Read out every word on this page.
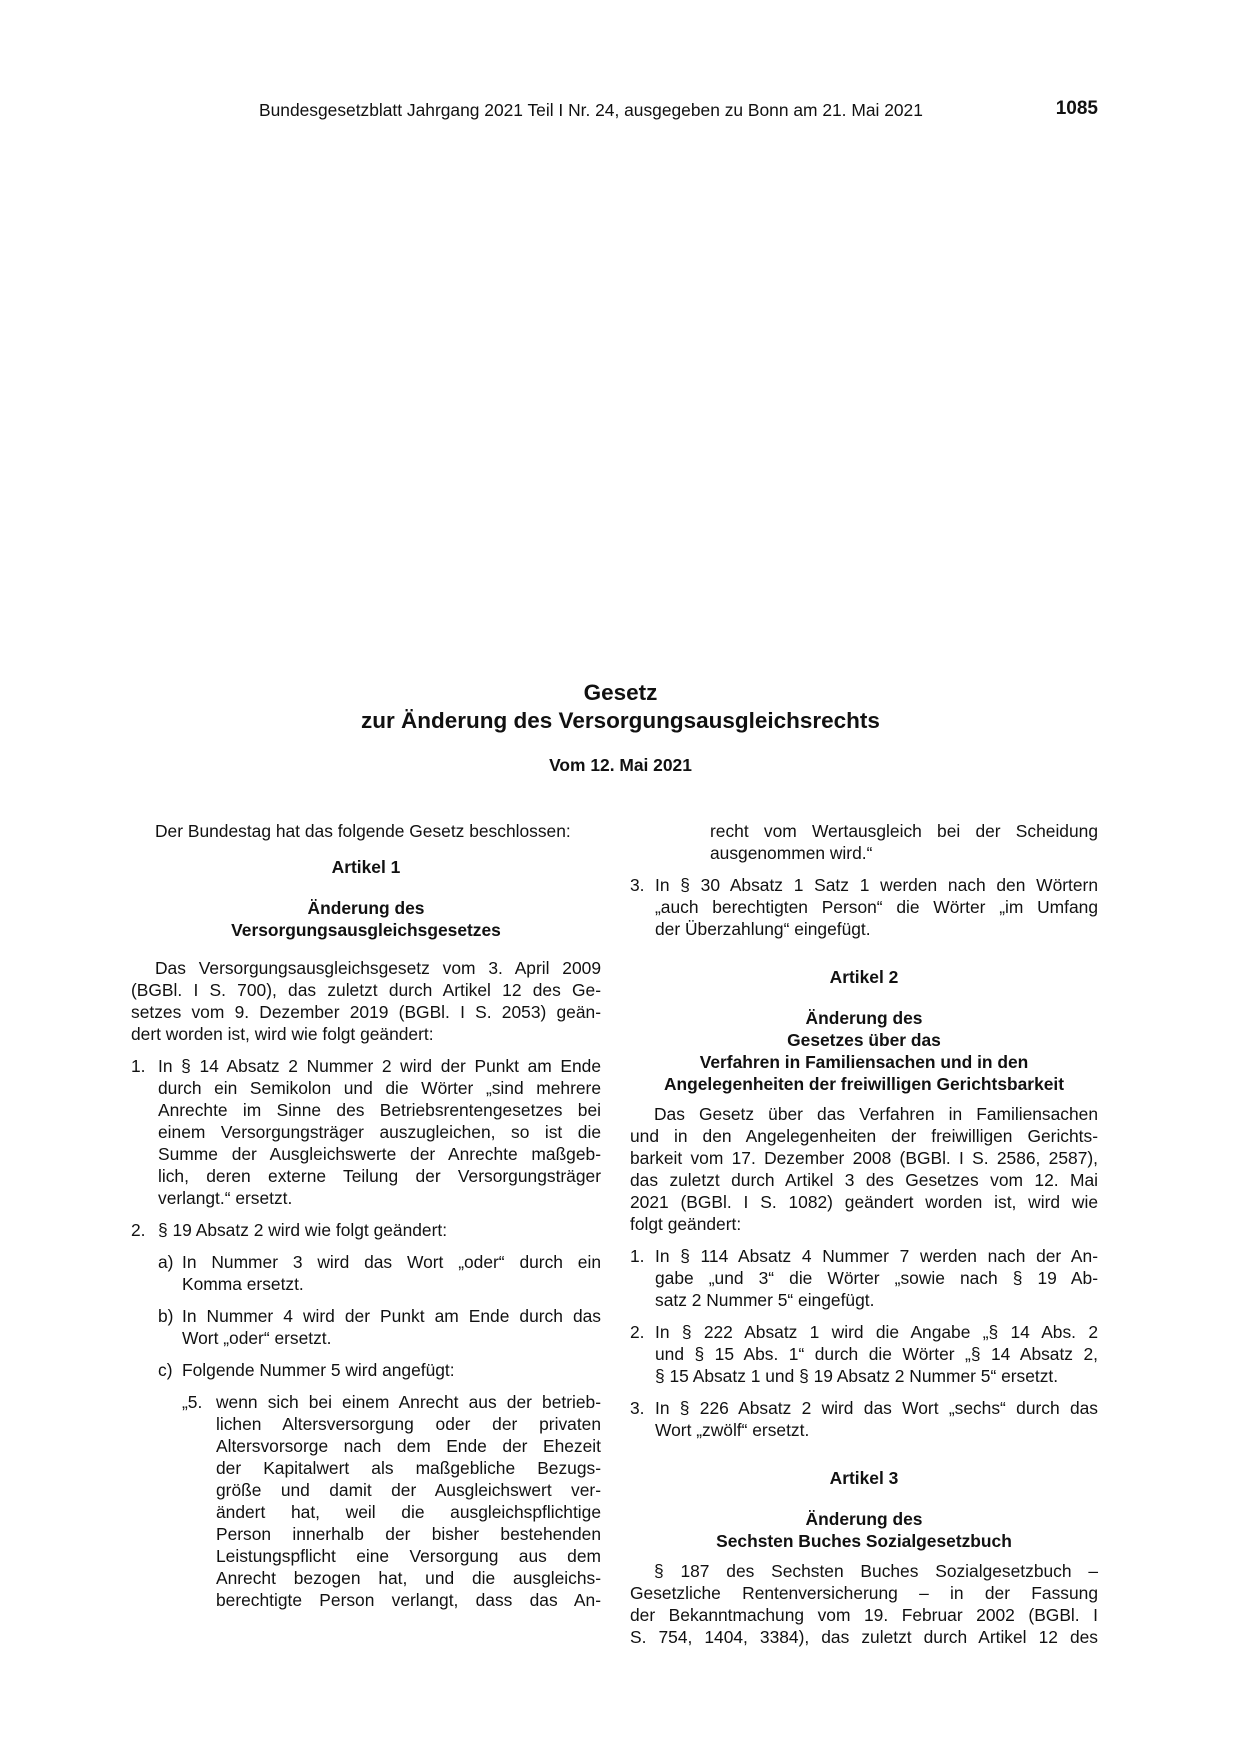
Bundesgesetzblatt Jahrgang 2021 Teil I Nr. 24, ausgegeben zu Bonn am 21. Mai 2021	1085
Gesetz
zur Änderung des Versorgungsausgleichsrechts
Vom 12. Mai 2021

Der Bundestag hat das folgende Gesetz beschlossen:

Artikel 1

Änderung des

Versorgungsausgleichsgesetzes

Das Versorgungsausgleichsgesetz vom 3. April 2009
(BGBl. I S. 700), das zuletzt durch Artikel 12 des Ge-
setzes vom 9. Dezember 2019 (BGBl. I S. 2053) geän-
dert worden ist, wird wie folgt geändert:
1. In § 14 Absatz 2 Nummer 2 wird der Punkt am Ende
durch ein Semikolon und die Wörter „sind mehrere
Anrechte im Sinne des Betriebsrentengesetzes bei
einem Versorgungsträger auszugleichen, so ist die
Summe der Ausgleichswerte der Anrechte maßgeb-
lich, deren externe Teilung der Versorgungsträger
verlangt.“ ersetzt.
2. § 19 Absatz 2 wird wie folgt geändert:
a) In Nummer 3 wird das Wort „oder“ durch ein
Komma ersetzt.
b) In Nummer 4 wird der Punkt am Ende durch das
Wort „oder“ ersetzt.
c) Folgende Nummer 5 wird angefügt:
„5. wenn sich bei einem Anrecht aus der betrieb-
lichen Altersversorgung oder der privaten
Altersvorsorge nach dem Ende der Ehezeit
der Kapitalwert als maßgebliche Bezugs-
größe und damit der Ausgleichswert ver-
ändert hat, weil die ausgleichspflichtige
Person innerhalb der bisher bestehenden
Leistungspflicht eine Versorgung aus dem
Anrecht bezogen hat, und die ausgleichs-
berechtigte Person verlangt, dass das An-
recht vom Wertausgleich bei der Scheidung
ausgenommen wird.“
3. In § 30 Absatz 1 Satz 1 werden nach den Wörtern
„auch berechtigten Person“ die Wörter „im Umfang
der Überzahlung“ eingefügt.

Artikel 2

Änderung des

Gesetzes über das

Verfahren in Familiensachen und in den

Angelegenheiten der freiwilligen Gerichtsbarkeit

Das Gesetz über das Verfahren in Familiensachen
und in den Angelegenheiten der freiwilligen Gerichts-
barkeit vom 17. Dezember 2008 (BGBl. I S. 2586, 2587),
das zuletzt durch Artikel 3 des Gesetzes vom 12. Mai
2021 (BGBl. I S. 1082) geändert worden ist, wird wie
folgt geändert:
1. In § 114 Absatz 4 Nummer 7 werden nach der An-
gabe „und 3“ die Wörter „sowie nach § 19 Ab-
satz 2 Nummer 5“ eingefügt.
2. In § 222 Absatz 1 wird die Angabe „§ 14 Abs. 2
und § 15 Abs. 1“ durch die Wörter „§ 14 Absatz 2,
§ 15 Absatz 1 und § 19 Absatz 2 Nummer 5“ ersetzt.
3. In § 226 Absatz 2 wird das Wort „sechs“ durch das
Wort „zwölf“ ersetzt.

Artikel 3

Änderung des

Sechsten Buches Sozialgesetzbuch

§ 187 des Sechsten Buches Sozialgesetzbuch –
Gesetzliche Rentenversicherung – in der Fassung
der Bekanntmachung vom 19. Februar 2002 (BGBl. I
S. 754, 1404, 3384), das zuletzt durch Artikel 12 des
